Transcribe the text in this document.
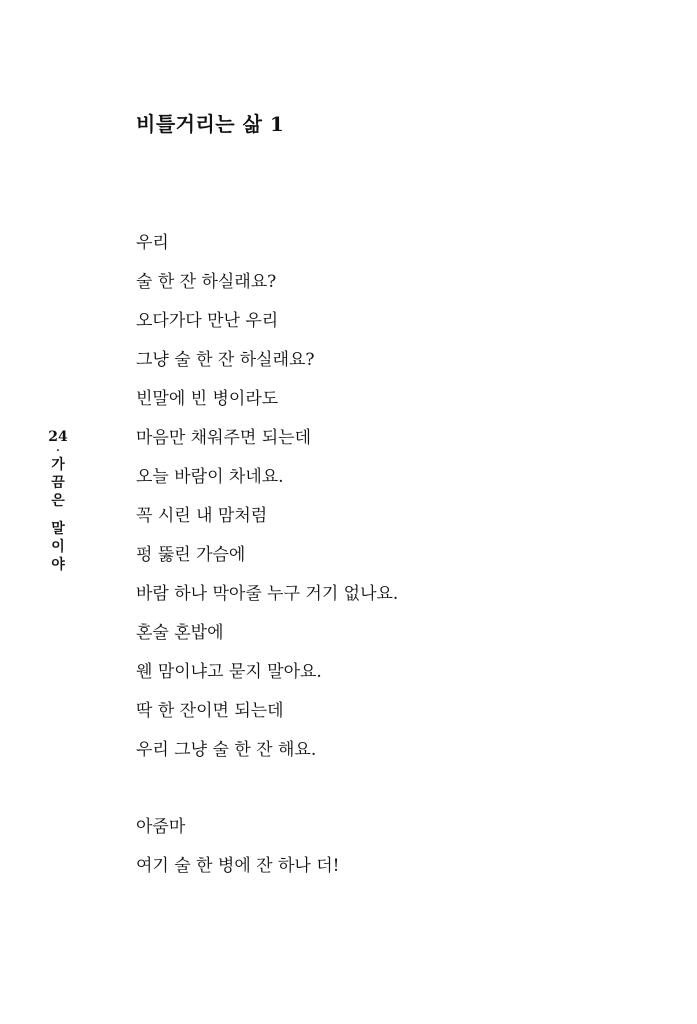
비틀거리는 삶 1
우리
술 한 잔 하실래요?
오다가다 만난 우리
그냥 술 한 잔 하실래요?
빈말에 빈 병이라도
마음만 채워주면 되는데
오늘 바람이 차네요.
꼭 시린 내 맘처럼
펑 뚫린 가슴에
바람 하나 막아줄 누구 거기 없나요.
혼술 혼밥에
웬 맘이냐고 묻지 말아요.
딱 한 잔이면 되는데
우리 그냥 술 한 잔 해요.
아줌마
여기 술 한 병에 잔 하나 더!
24
·
가
끔
은
말
이
야
